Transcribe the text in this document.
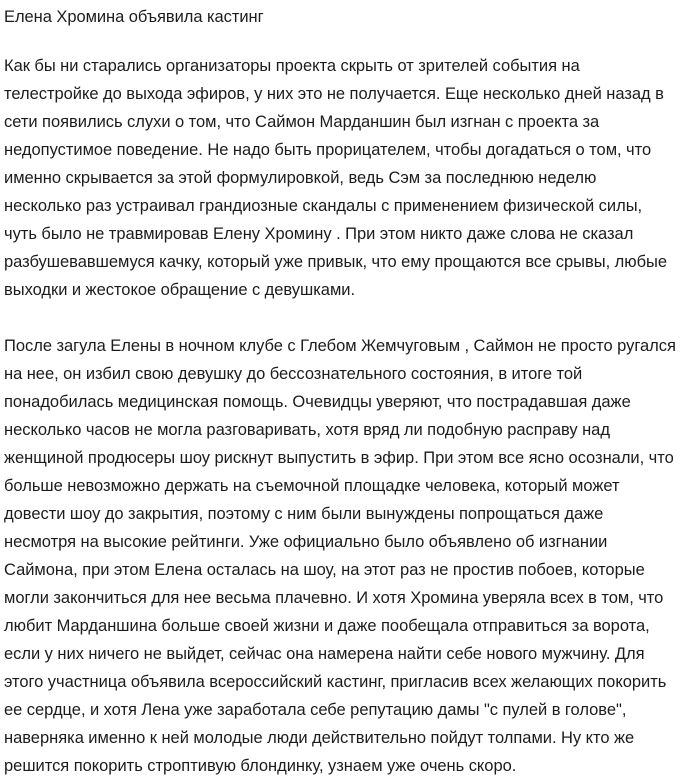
Елена Хромина объявила кастинг

Как бы ни старались организаторы проекта скрыть от зрителей события на телестройке до выхода эфиров, у них это не получается. Еще несколько дней назад в сети появились слухи о том, что Саймон Марданшин был изгнан с проекта за недопустимое поведение. Не надо быть прорицателем, чтобы догадаться о том, что именно скрывается за этой формулировкой, ведь Сэм за последнюю неделю несколько раз устраивал грандиозные скандалы с применением физической силы, чуть было не травмировав Елену Хромину . При этом никто даже слова не сказал разбушевавшемуся качку, который уже привык, что ему прощаются все срывы, любые выходки и жестокое обращение с девушками.

После загула Елены в ночном клубе с Глебом Жемчуговым , Саймон не просто ругался на нее, он избил свою девушку до бессознательного состояния, в итоге той понадобилась медицинская помощь. Очевидцы уверяют, что пострадавшая даже несколько часов не могла разговаривать, хотя вряд ли подобную расправу над женщиной продюсеры шоу рискнут выпустить в эфир. При этом все ясно осознали, что больше невозможно держать на съемочной площадке человека, который может довести шоу до закрытия, поэтому с ним были вынуждены попрощаться даже несмотря на высокие рейтинги. Уже официально было объявлено об изгнании Саймона, при этом Елена осталась на шоу, на этот раз не простив побоев, которые могли закончиться для нее весьма плачевно. И хотя Хромина уверяла всех в том, что любит Марданшина больше своей жизни и даже пообещала отправиться за ворота, если у них ничего не выйдет, сейчас она намерена найти себе нового мужчину. Для этого участница объявила всероссийский кастинг, пригласив всех желающих покорить ее сердце, и хотя Лена уже заработала себе репутацию дамы "с пулей в голове", наверняка именно к ней молодые люди действительно пойдут толпами. Ну кто же решится покорить строптивую блондинку, узнаем уже очень скоро.
